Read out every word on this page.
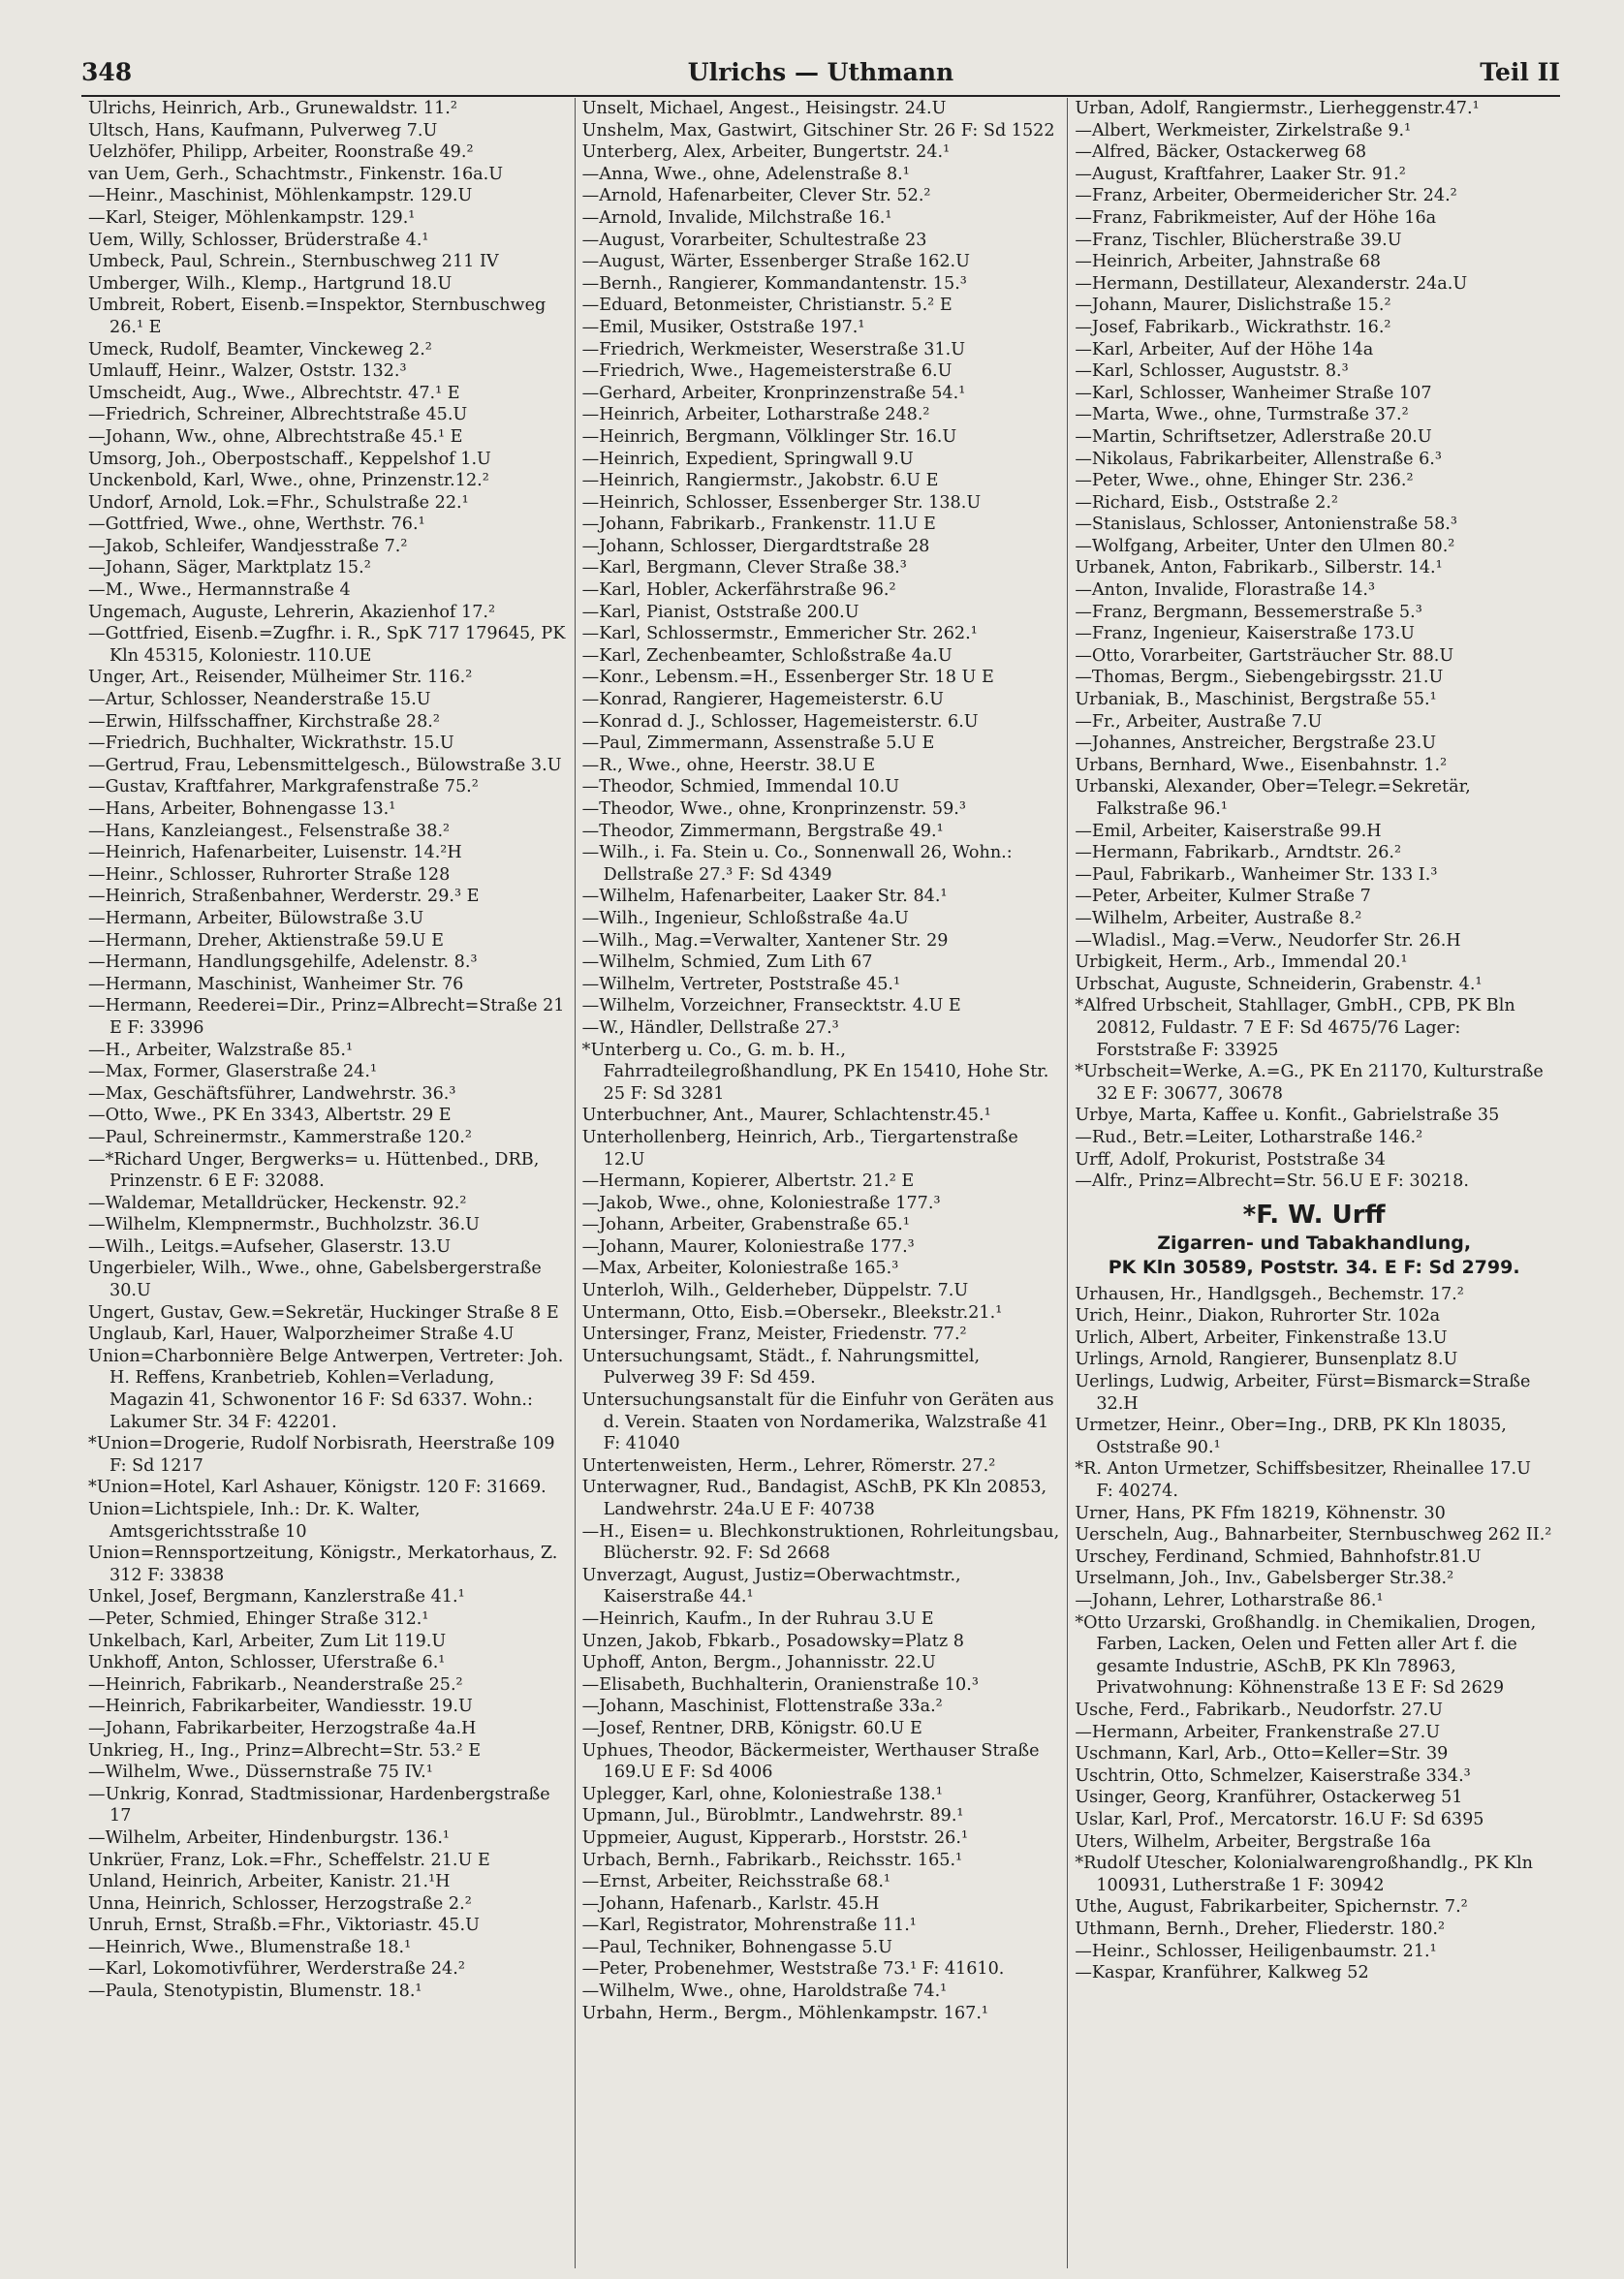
348	Ulrichs — Uthmann	Teil II
Ulrichs, Heinrich, Arb., Grunewaldstr. 11.²
Ultsch, Hans, Kaufmann, Pulverweg 7.U
Uelzhöfer, Philipp, Arbeiter, Roonstraße 49.²
van Uem, Gerh., Schachtmstr., Finkenstr. 16a.U
—Heinr., Maschinist, Möhlenkampstr. 129.U
—Karl, Steiger, Möhlenkampstr. 129.¹
Uem, Willy, Schlosser, Brüderstraße 4.¹
Umbeck, Paul, Schrein., Sternbuschweg 211 IV
Umberger, Wilh., Klemp., Hartgrund 18.U
Umbreit, Robert, Eisenb.=Inspektor, Sternbuschweg 26.¹ E
Umeck, Rudolf, Beamter, Vinckeweg 2.²
Umlauff, Heinr., Walzer, Oststr. 132.³
Umscheidt, Aug., Wwe., Albrechtstr. 47.¹ E
—Friedrich, Schreiner, Albrechtstraße 45.U
—Johann, Ww., ohne, Albrechtstraße 45.¹ E
Umsorg, Joh., Oberpostschaff., Keppelshof 1.U
Unckenbold, Karl, Wwe., ohne, Prinzenstr.12.²
Undorf, Arnold, Lok.=Fhr., Schulstraße 22.¹
—Gottfried, Wwe., ohne, Werthstr. 76.¹
—Jakob, Schleifer, Wandjesstraße 7.²
—Johann, Säger, Marktplatz 15.²
—M., Wwe., Hermannstraße 4
Ungemach, Auguste, Lehrerin, Akazienhof 17.²
—Gottfried, Eisenb.=Zugfhr. i. R., SpK 717 179645, PK Kln 45315, Koloniestr. 110.UE
Unger, Art., Reisender, Mülheimer Str. 116.²
—Artur, Schlosser, Neanderstraße 15.U
—Erwin, Hilfsschaffner, Kirchstraße 28.²
—Friedrich, Buchhalter, Wickrathstr. 15.U
—Gertrud, Frau, Lebensmittelgesch., Bülowstraße 3.U
—Gustav, Kraftfahrer, Markgrafenstraße 75.²
—Hans, Arbeiter, Bohnengasse 13.¹
—Hans, Kanzleiangest., Felsenstraße 38.²
—Heinrich, Hafenarbeiter, Luisenstr. 14.²H
—Heinr., Schlosser, Ruhrorter Straße 128
—Heinrich, Straßenbahner, Werderstr. 29.³ E
—Hermann, Arbeiter, Bülowstraße 3.U
—Hermann, Dreher, Aktienstraße 59.U E
—Hermann, Handlungsgehilfe, Adelenstr. 8.³
—Hermann, Maschinist, Wanheimer Str. 76
—Hermann, Reederei=Dir., Prinz=Albrecht=Straße 21 E F: 33996
—H., Arbeiter, Walzstraße 85.¹
—Max, Former, Glaserstraße 24.¹
—Max, Geschäftsführer, Landwehrstr. 36.³
—Otto, Wwe., PK En 3343, Albertstr. 29 E
—Paul, Schreinermstr., Kammerstraße 120.²
—*Richard Unger, Bergwerks= u. Hüttenbed., DRB, Prinzenstr. 6 E F: 32088.
—Waldemar, Metalldrücker, Heckenstr. 92.²
—Wilhelm, Klempnermstr., Buchholzstr. 36.U
—Wilh., Leitgs.=Aufseher, Glaserstr. 13.U
Ungerbieler, Wilh., Wwe., ohne, Gabelsbergerstraße 30.U
Ungert, Gustav, Gew.=Sekretär, Huckinger Straße 8 E
Unglaub, Karl, Hauer, Walporzheimer Straße 4.U
Union=Charbonnière Belge Antwerpen, Vertreter: Joh. H. Reffens, Kranbetrieb, Kohlen=Verladung, Magazin 41, Schwonentor 16 F: Sd 6337. Wohn.: Lakumer Str. 34 F: 42201.
*Union=Drogerie, Rudolf Norbisrath, Heerstraße 109 F: Sd 1217
*Union=Hotel, Karl Ashauer, Königstr. 120 F: 31669.
Union=Lichtspiele, Inh.: Dr. K. Walter, Amtsgerichtsstraße 10
Union=Rennsportzeitung, Königstr., Merkatorhaus, Z. 312 F: 33838
Unkel, Josef, Bergmann, Kanzlerstraße 41.¹
—Peter, Schmied, Ehinger Straße 312.¹
Unkelbach, Karl, Arbeiter, Zum Lit 119.U
Unkhoff, Anton, Schlosser, Uferstraße 6.¹
—Heinrich, Fabrikarb., Neanderstraße 25.²
—Heinrich, Fabrikarbeiter, Wandiesstr. 19.U
—Johann, Fabrikarbeiter, Herzogstraße 4a.H
Unkrieg, H., Ing., Prinz=Albrecht=Str. 53.² E
—Wilhelm, Wwe., Düssernstraße 75 IV.¹
—Unkrig, Konrad, Stadtmissionar, Hardenbergstraße 17
—Wilhelm, Arbeiter, Hindenburgstr. 136.¹
Unkrüer, Franz, Lok.=Fhr., Scheffelstr. 21.U E
Unland, Heinrich, Arbeiter, Kanistr. 21.¹H
Unna, Heinrich, Schlosser, Herzogstraße 2.²
Unruh, Ernst, Straßb.=Fhr., Viktoriastr. 45.U
—Heinrich, Wwe., Blumenstraße 18.¹
—Karl, Lokomotivführer, Werderstraße 24.²
—Paula, Stenotypistin, Blumenstr. 18.¹
Unselt, Michael, Angest., Heisingstr. 24.U
Unshelm, Max, Gastwirt, Gitschiner Str. 26 F: Sd 1522
Unterberg, Alex, Arbeiter, Bungertstr. 24.¹
—Anna, Wwe., ohne, Adelenstraße 8.¹
—Arnold, Hafenarbeiter, Clever Str. 52.²
—Arnold, Invalide, Milchstraße 16.¹
—August, Vorarbeiter, Schultestraße 23
—August, Wärter, Essenberger Straße 162.U
—Bernh., Rangierer, Kommandantenstr. 15.³
—Eduard, Betonmeister, Christianstr. 5.² E
—Emil, Musiker, Oststraße 197.¹
—Friedrich, Werkmeister, Weserstraße 31.U
—Friedrich, Wwe., Hagemeisterstraße 6.U
—Gerhard, Arbeiter, Kronprinzenstraße 54.¹
—Heinrich, Arbeiter, Lotharstraße 248.²
—Heinrich, Bergmann, Völklinger Str. 16.U
—Heinrich, Expedient, Springwall 9.U
—Heinrich, Rangiermstr., Jakobstr. 6.U E
—Heinrich, Schlosser, Essenberger Str. 138.U
—Johann, Fabrikarb., Frankenstr. 11.U E
—Johann, Schlosser, Diergardtstraße 28
—Karl, Bergmann, Clever Straße 38.³
—Karl, Hobler, Ackerfährstraße 96.²
—Karl, Pianist, Oststraße 200.U
—Karl, Schlossermstr., Emmericher Str. 262.¹
—Karl, Zechenbeamter, Schloßstraße 4a.U
—Konr., Lebensm.=H., Essenberger Str. 18 U E
—Konrad, Rangierer, Hagemeisterstr. 6.U
—Konrad d. J., Schlosser, Hagemeisterstr. 6.U
—Paul, Zimmermann, Assenstraße 5.U E
—R., Wwe., ohne, Heerstr. 38.U E
—Theodor, Schmied, Immendal 10.U
—Theodor, Wwe., ohne, Kronprinzenstr. 59.³
—Theodor, Zimmermann, Bergstraße 49.¹
—Wilh., i. Fa. Stein u. Co., Sonnenwall 26, Wohn.: Dellstraße 27.³ F: Sd 4349
—Wilhelm, Hafenarbeiter, Laaker Str. 84.¹
—Wilh., Ingenieur, Schloßstraße 4a.U
—Wilh., Mag.=Verwalter, Xantener Str. 29
—Wilhelm, Schmied, Zum Lith 67
—Wilhelm, Vertreter, Poststraße 45.¹
—Wilhelm, Vorzeichner, Fransecktstr. 4.U E
—W., Händler, Dellstraße 27.³
*Unterberg u. Co., G. m. b. H., Fahrradteilegroßhandlung, PK En 15410, Hohe Str. 25 F: Sd 3281
Unterbuchner, Ant., Maurer, Schlachtenstr.45.¹
Unterhollenberg, Heinrich, Arb., Tiergartenstraße 12.U
—Hermann, Kopierer, Albertstr. 21.² E
—Jakob, Wwe., ohne, Koloniestraße 177.³
—Johann, Arbeiter, Grabenstraße 65.¹
—Johann, Maurer, Koloniestraße 177.³
—Max, Arbeiter, Koloniestraße 165.³
Unterloh, Wilh., Gelderheber, Düppelstr. 7.U
Untermann, Otto, Eisb.=Obersekr., Bleekstr.21.¹
Untersinger, Franz, Meister, Friedenstr. 77.²
Untersuchungsamt, Städt., f. Nahrungsmittel, Pulverweg 39 F: Sd 459.
Untersuchungsanstalt für die Einfuhr von Geräten aus d. Verein. Staaten von Nordamerika, Walzstraße 41 F: 41040
Untertenweisten, Herm., Lehrer, Römerstr. 27.²
Unterwagner, Rud., Bandagist, ASchB, PK Kln 20853, Landwehrstr. 24a.U E F: 40738
—H., Eisen= u. Blechkonstruktionen, Rohrleitungsbau, Blücherstr. 92. F: Sd 2668
Unverzagt, August, Justiz=Oberwachtmstr., Kaiserstraße 44.¹
—Heinrich, Kaufm., In der Ruhrau 3.U E
Unzen, Jakob, Fbkarb., Posadowsky=Platz 8
Uphoff, Anton, Bergm., Johannisstr. 22.U
—Elisabeth, Buchhalterin, Oranienstraße 10.³
—Johann, Maschinist, Flottenstraße 33a.²
—Josef, Rentner, DRB, Königstr. 60.U E
Uphues, Theodor, Bäckermeister, Werthauser Straße 169.U E F: Sd 4006
Uplegger, Karl, ohne, Koloniestraße 138.¹
Upmann, Jul., Büroblmtr., Landwehrstr. 89.¹
Uppmeier, August, Kipperarb., Horststr. 26.¹
Urbach, Bernh., Fabrikarb., Reichsstr. 165.¹
—Ernst, Arbeiter, Reichsstraße 68.¹
—Johann, Hafenarb., Karlstr. 45.H
—Karl, Registrator, Mohrenstraße 11.¹
—Paul, Techniker, Bohnengasse 5.U
—Peter, Probenehmer, Weststraße 73.¹ F: 41610.
—Wilhelm, Wwe., ohne, Haroldstraße 74.¹
Urbahn, Herm., Bergm., Möhlenkampstr. 167.¹
Urban, Adolf, Rangiermstr., Lierheggenstr.47.¹
—Albert, Werkmeister, Zirkelstraße 9.¹
—Alfred, Bäcker, Ostackerweg 68
—August, Kraftfahrer, Laaker Str. 91.²
—Franz, Arbeiter, Obermeidericher Str. 24.²
—Franz, Fabrikmeister, Auf der Höhe 16a
—Franz, Tischler, Blücherstraße 39.U
—Heinrich, Arbeiter, Jahnstraße 68
—Hermann, Destillateur, Alexanderstr. 24a.U
—Johann, Maurer, Dislichstraße 15.²
—Josef, Fabrikarb., Wickrathstr. 16.²
—Karl, Arbeiter, Auf der Höhe 14a
—Karl, Schlosser, Auguststr. 8.³
—Karl, Schlosser, Wanheimer Straße 107
—Marta, Wwe., ohne, Turmstraße 37.²
—Martin, Schriftsetzer, Adlerstraße 20.U
—Nikolaus, Fabrikarbeiter, Allenstraße 6.³
—Peter, Wwe., ohne, Ehinger Str. 236.²
—Richard, Eisb., Oststraße 2.²
—Stanislaus, Schlosser, Antonienstraße 58.³
—Wolfgang, Arbeiter, Unter den Ulmen 80.²
Urbanek, Anton, Fabrikarb., Silberstr. 14.¹
—Anton, Invalide, Florastraße 14.³
—Franz, Bergmann, Bessemerstraße 5.³
—Franz, Ingenieur, Kaiserstraße 173.U
—Otto, Vorarbeiter, Gartsträucher Str. 88.U
—Thomas, Bergm., Siebengebirgsstr. 21.U
Urbaniak, B., Maschinist, Bergstraße 55.¹
—Fr., Arbeiter, Austraße 7.U
—Johannes, Anstreicher, Bergstraße 23.U
Urbans, Bernhard, Wwe., Eisenbahnstr. 1.²
Urbanski, Alexander, Ober=Telegr.=Sekretär, Falkstraße 96.¹
—Emil, Arbeiter, Kaiserstraße 99.H
—Hermann, Fabrikarb., Arndtstr. 26.²
—Paul, Fabrikarb., Wanheimer Str. 133 I.³
—Peter, Arbeiter, Kulmer Straße 7
—Wilhelm, Arbeiter, Austraße 8.²
—Wladisl., Mag.=Verw., Neudorfer Str. 26.H
Urbigkeit, Herm., Arb., Immendal 20.¹
Urbschat, Auguste, Schneiderin, Grabenstr. 4.¹
*Alfred Urbscheit, Stahllager, GmbH., CPB, PK Bln 20812, Fuldastr. 7 E F: Sd 4675/76 Lager: Forststraße F: 33925
*Urbscheit=Werke, A.=G., PK En 21170, Kulturstraße 32 E F: 30677, 30678
Urbye, Marta, Kaffee u. Konfit., Gabrielstraße 35
—Rud., Betr.=Leiter, Lotharstraße 146.²
Urff, Adolf, Prokurist, Poststraße 34
—Alfr., Prinz=Albrecht=Str. 56.U E F: 30218.
*F. W. Urff
Zigarren- und Tabakhandlung,
PK Kln 30589, Poststr. 34. E F: Sd 2799.
Urhausen, Hr., Handlgsgeh., Bechemstr. 17.²
Urich, Heinr., Diakon, Ruhrorter Str. 102a
Urlich, Albert, Arbeiter, Finkenstraße 13.U
Urlings, Arnold, Rangierer, Bunsenplatz 8.U
Uerlings, Ludwig, Arbeiter, Fürst=Bismarck=Straße 32.H
Urmetzer, Heinr., Ober=Ing., DRB, PK Kln 18035, Oststraße 90.¹
*R. Anton Urmetzer, Schiffsbesitzer, Rheinallee 17.U F: 40274.
Urner, Hans, PK Ffm 18219, Köhnenstr. 30
Uerscheln, Aug., Bahnarbeiter, Sternbuschweg 262 II.²
Urschey, Ferdinand, Schmied, Bahnhofstr.81.U
Urselmann, Joh., Inv., Gabelsberger Str.38.²
—Johann, Lehrer, Lotharstraße 86.¹
*Otto Urzarski, Großhandlg. in Chemikalien, Drogen, Farben, Lacken, Oelen und Fetten aller Art f. die gesamte Industrie, ASchB, PK Kln 78963, Privatwohnung: Köhnenstraße 13 E F: Sd 2629
Usche, Ferd., Fabrikarb., Neudorfstr. 27.U
—Hermann, Arbeiter, Frankenstraße 27.U
Uschmann, Karl, Arb., Otto=Keller=Str. 39
Uschtrin, Otto, Schmelzer, Kaiserstraße 334.³
Usinger, Georg, Kranführer, Ostackerweg 51
Uslar, Karl, Prof., Mercatorstr. 16.U F: Sd 6395
Uters, Wilhelm, Arbeiter, Bergstraße 16a
*Rudolf Utescher, Kolonialwarengroßhandlg., PK Kln 100931, Lutherstraße 1 F: 30942
Uthe, August, Fabrikarbeiter, Spichernstr. 7.²
Uthmann, Bernh., Dreher, Fliederstr. 180.²
—Heinr., Schlosser, Heiligenbaumstr. 21.¹
—Kaspar, Kranführer, Kalkweg 52
